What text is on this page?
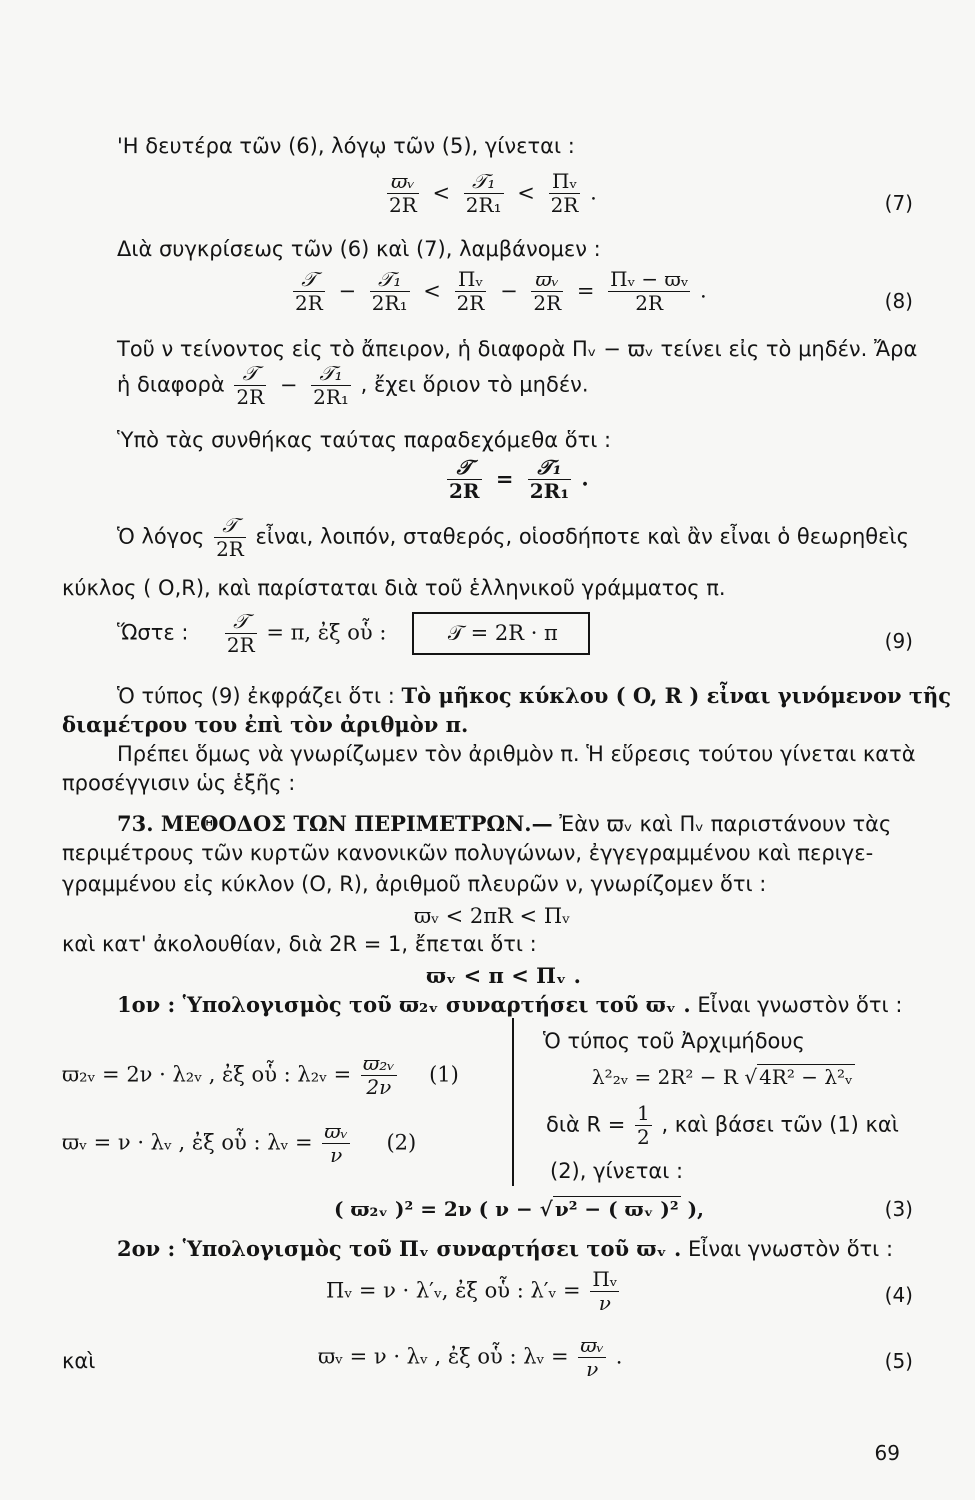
'Η δευτέρα τῶν (6), λόγῳ τῶν (5), γίνεται :
$\frac{\text{ϖᵥ}}{2R} < \frac{\text{𝒯₁}}{\text{2R₁}} < \frac{\text{Πᵥ}}{2R}$ .	(7)
Διὰ συγκρίσεως τῶν (6) καὶ (7), λαμβάνομεν :
$\frac{\text{𝒯}}{2R} - \frac{\text{𝒯₁}}{\text{2R₁}} < \frac{\text{Πᵥ}}{2R} - \frac{\text{ϖᵥ}}{2R} = \frac{\text{Πᵥ − ϖᵥ}}{2R}$ .	(8)
Τοῦ ν τείνοντος εἰς τὸ ἄπειρον, ἡ διαφορὰ Πᵥ − ϖᵥ τείνει εἰς τὸ μηδέν. Ἄρα
ἡ διαφορὰ $\frac{\text{𝒯}}{2R} - \frac{\text{𝒯₁}}{\text{2R₁}}$ , ἔχει ὅριον τὸ μηδέν.
Ὑπὸ τὰς συνθήκας ταύτας παραδεχόμεθα ὅτι :
$\frac{\text{𝒯}}{2R} = \frac{\text{𝒯₁}}{\text{2R₁}}$ .
Ὁ λόγος $\frac{\text{𝒯}}{2R}$ εἶναι, λοιπόν, σταθερός, οἱοσδήποτε καὶ ἂν εἶναι ὁ θεωρηθεὶς
κύκλος ( O,R), καὶ παρίσταται διὰ τοῦ ἑλληνικοῦ γράμματος π.
Ὥστε : $\frac{\text{𝒯}}{2R} = \pi$, ἐξ οὗ :	𝒯 = 2R · π	(9)
Ὁ τύπος (9) ἐκφράζει ὅτι : Τὸ μῆκος κύκλου ( O, R ) εἶναι γινόμενον τῆς
διαμέτρου του ἐπὶ τὸν ἀριθμὸν π.
Πρέπει ὅμως νὰ γνωρίζωμεν τὸν ἀριθμὸν π. Ἡ εὕρεσις τούτου γίνεται κατὰ
προσέγγισιν ὡς ἑξῆς :
73. ΜΕΘΟΔΟΣ ΤΩΝ ΠΕΡΙΜΕΤΡΩΝ.— Ἐὰν ϖᵥ καὶ Πᵥ παριστάνουν τὰς
περιμέτρους τῶν κυρτῶν κανονικῶν πολυγώνων, ἐγγεγραμμένου καὶ περιγε-
γραμμένου εἰς κύκλον (O, R), ἀριθμοῦ πλευρῶν ν, γνωρίζομεν ὅτι :
ϖᵥ < 2πR < Πᵥ
καὶ κατ' ἀκολουθίαν, διὰ 2R = 1, ἔπεται ὅτι :
ϖᵥ < π < Πᵥ .
1ον : Ὑπολογισμὸς τοῦ ϖ₂ᵥ συναρτήσει τοῦ ϖᵥ . Εἶναι γνωστὸν ὅτι :
Ὁ τύπος τοῦ Ἀρχιμήδους
λ²₂ᵥ = 2R² − R √ 4R² − λ²ᵥ
διὰ $R = \frac{1}{2}$ , καὶ βάσει τῶν (1) καὶ
(2), γίνεται :
ϖ₂ᵥ = 2ν · λ₂ᵥ , ἐξ οὗ : λ₂ᵥ = $\frac{\text{ϖ₂ᵥ}}{2\nu} (1)$
ϖᵥ = ν · λᵥ , ἐξ οὗ : λᵥ = $\frac{\text{ϖᵥ}}{\nu} (2)$
( ϖ₂ᵥ )² = 2ν ( ν − √ ν² − ( ϖᵥ )² ),	(3)
2ον : Ὑπολογισμὸς τοῦ Πᵥ συναρτήσει τοῦ ϖᵥ . Εἶναι γνωστὸν ὅτι :
Πᵥ = ν · λ′ᵥ, ἐξ οὗ : λ′ᵥ = $\frac{\text{Πᵥ}}{\nu}$	(4)
καὶ	ϖᵥ = ν · λᵥ , ἐξ οὗ : λᵥ = $\frac{\text{ϖᵥ}}{\nu}$ .	(5)
69
